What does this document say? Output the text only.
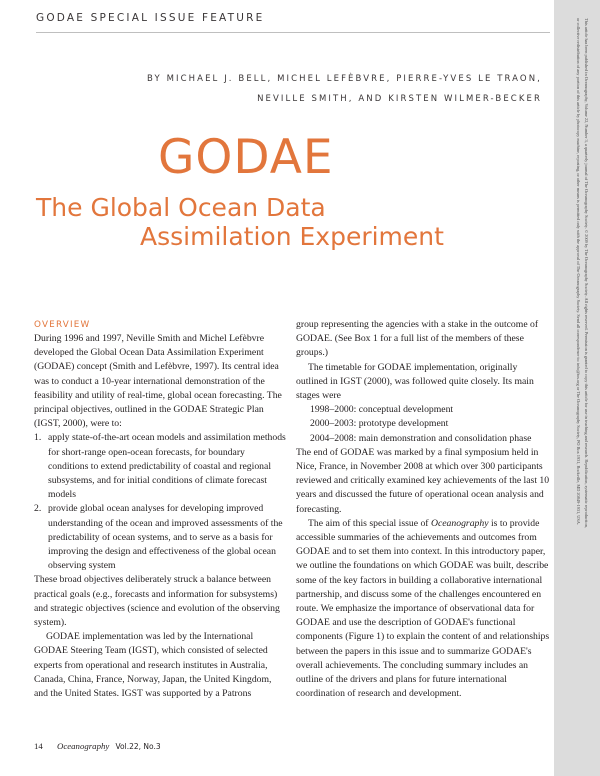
GODAE SPECIAL ISSUE FEATURE	This article has been published in Oceanography, Volume 22, Number 3, a quarterly journal of The Oceanography Society. © 2009 by The Oceanography Society. All rights reserved. Permission is granted to copy this article for use in teaching and research. Republication, systematic reproduction,
or collective redistribution of any portion of this article by photocopy machine, reposting, or other means is permitted only with the approval of The Oceanography Society. Send all correspondence to: info@tos.org or The Oceanography Society, PO Box 1931, Rockville, MD 20849-1931, USA.
BY MICHAEL J. BELL, MICHEL LEFÈBVRE, PIERRE-YVES LE TRAON,
NEVILLE SMITH, AND KIRSTEN WILMER-BECKER
GODAE
The Global Ocean Data
Assimilation Experiment
OVERVIEW

During 1996 and 1997, Neville Smith and Michel Lefèbvre developed the Global Ocean Data Assimilation Experiment (GODAE) concept (Smith and Lefèbvre, 1997). Its central idea was to conduct a 10-year international demonstration of the feasibility and utility of real-time, global ocean forecasting. The principal objectives, outlined in the GODAE Strategic Plan (IGST, 2000), were to:

1. apply state-of-the-art ocean models and assimilation methods for short-range open-ocean forecasts, for boundary conditions to extend predictability of coastal and regional subsystems, and for initial conditions of climate forecast models
2. provide global ocean analyses for developing improved understanding of the ocean and improved assessments of the predictability of ocean systems, and to serve as a basis for improving the design and effectiveness of the global ocean observing system

These broad objectives deliberately struck a balance between practical goals (e.g., forecasts and information for subsystems) and strategic objectives (science and evolution of the observing system).

GODAE implementation was led by the International GODAE Steering Team (IGST), which consisted of selected experts from operational and research institutes in Australia, Canada, China, France, Norway, Japan, the United Kingdom, and the United States. IGST was supported by a Patrons

group representing the agencies with a stake in the outcome of GODAE. (See Box 1 for a full list of the members of these groups.)

The timetable for GODAE implementation, originally outlined in IGST (2000), was followed quite closely. Its main stages were

1998–2000: conceptual development
2000–2003: prototype development
2004–2008: main demonstration and consolidation phase

The end of GODAE was marked by a final symposium held in Nice, France, in November 2008 at which over 300 participants reviewed and critically examined key achievements of the last 10 years and discussed the future of operational ocean analysis and forecasting.

The aim of this special issue of Oceanography is to provide accessible summaries of the achievements and outcomes from GODAE and to set them into context. In this introductory paper, we outline the foundations on which GODAE was built, describe some of the key factors in building a collaborative international partnership, and discuss some of the challenges encountered en route. We emphasize the importance of observational data for GODAE and use the description of GODAE's functional components (Figure 1) to explain the content of and relationships between the papers in this issue and to summarize GODAE's overall achievements. The concluding summary includes an outline of the drivers and plans for future international coordination of research and development.

14 Oceanography Vol.22, No.3
